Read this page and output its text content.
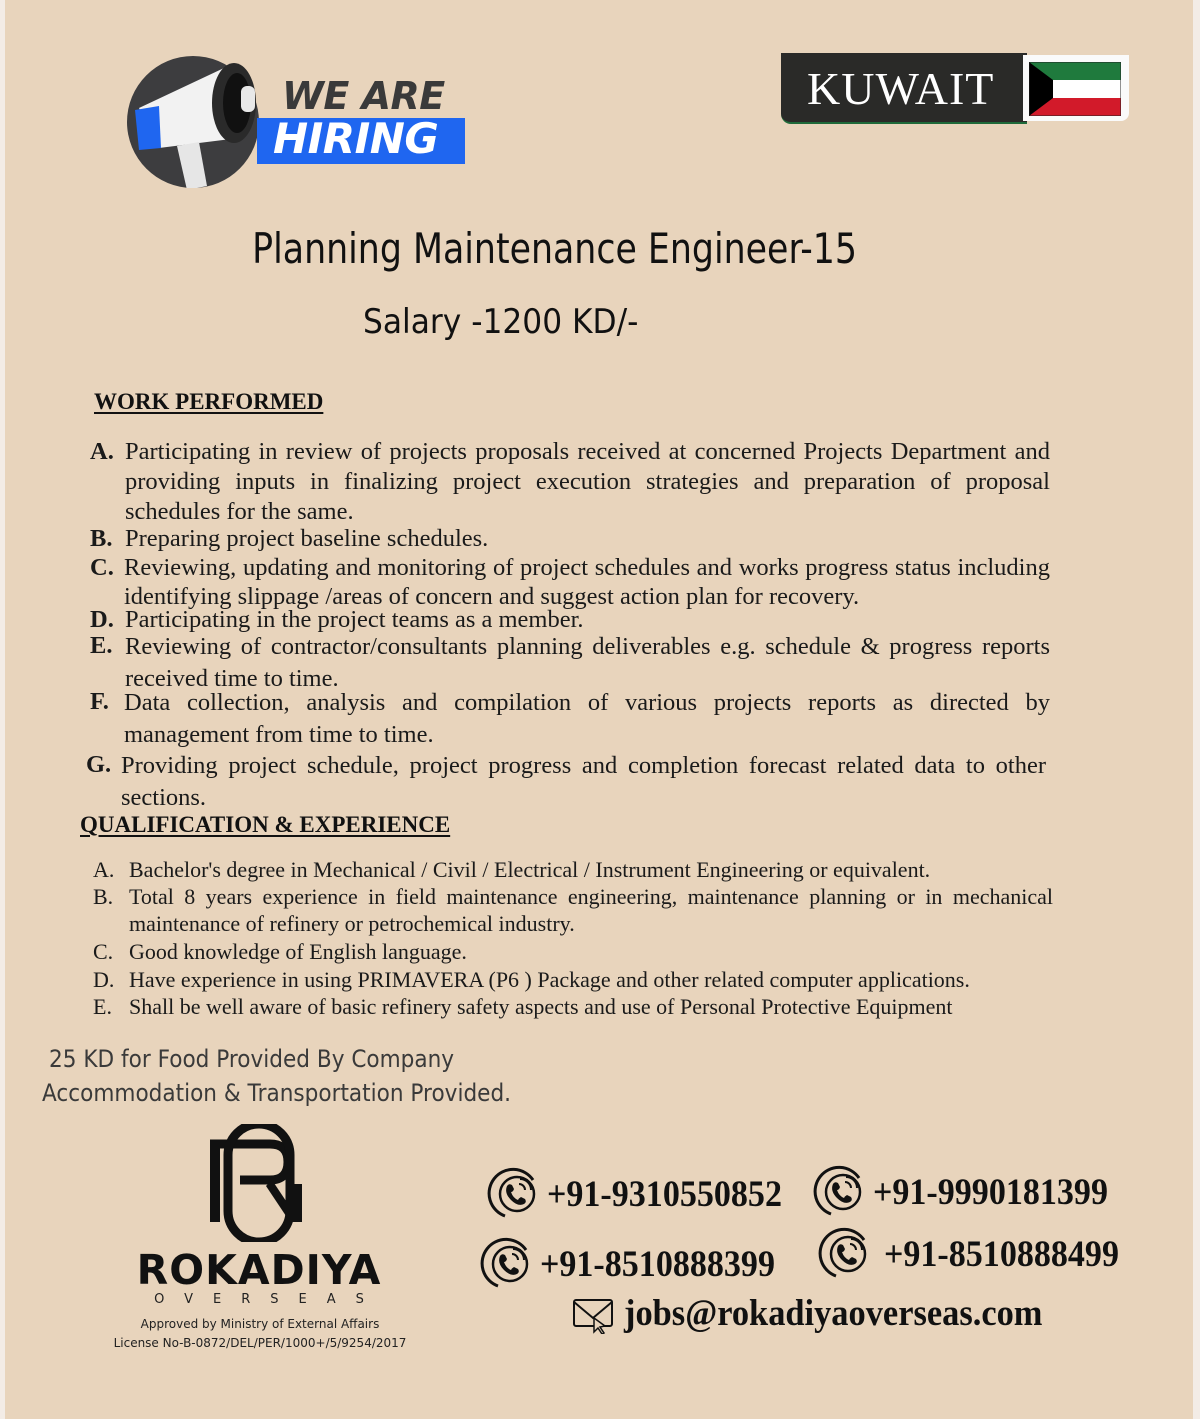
WE ARE
HIRING
KUWAIT
Planning Maintenance Engineer-15
Salary -1200 KD/-
WORK PERFORMED
A. Participating in review of projects proposals received at concerned Projects Department and providing inputs in finalizing project execution strategies and preparation of proposal schedules for the same.
B. Preparing project baseline schedules.
C. Reviewing, updating and monitoring of project schedules and works progress status including identifying slippage /areas of concern and suggest action plan for recovery.
D. Participating in the project teams as a member.
E. Reviewing of contractor/consultants planning deliverables e.g. schedule & progress reports received time to time.
F. Data collection, analysis and compilation of various projects reports as directed by management from time to time.
G. Providing project schedule, project progress and completion forecast related data to other sections.
QUALIFICATION & EXPERIENCE
A. Bachelor's degree in Mechanical / Civil / Electrical / Instrument Engineering or equivalent.
B. Total 8 years experience in field maintenance engineering, maintenance planning or in mechanical maintenance of refinery or petrochemical industry.
C. Good knowledge of English language.
D. Have experience in using PRIMAVERA (P6 ) Package and other related computer applications.
E. Shall be well aware of basic refinery safety aspects and use of Personal Protective Equipment
25 KD for Food Provided By Company
Accommodation & Transportation Provided.
ROKADIYA
OVERSEAS
Approved by Ministry of External Affairs
License No-B-0872/DEL/PER/1000+/5/9254/2017
+91-9310550852 +91-9990181399
+91-8510888399	+91-8510888499
jobs@rokadiyaoverseas.com
